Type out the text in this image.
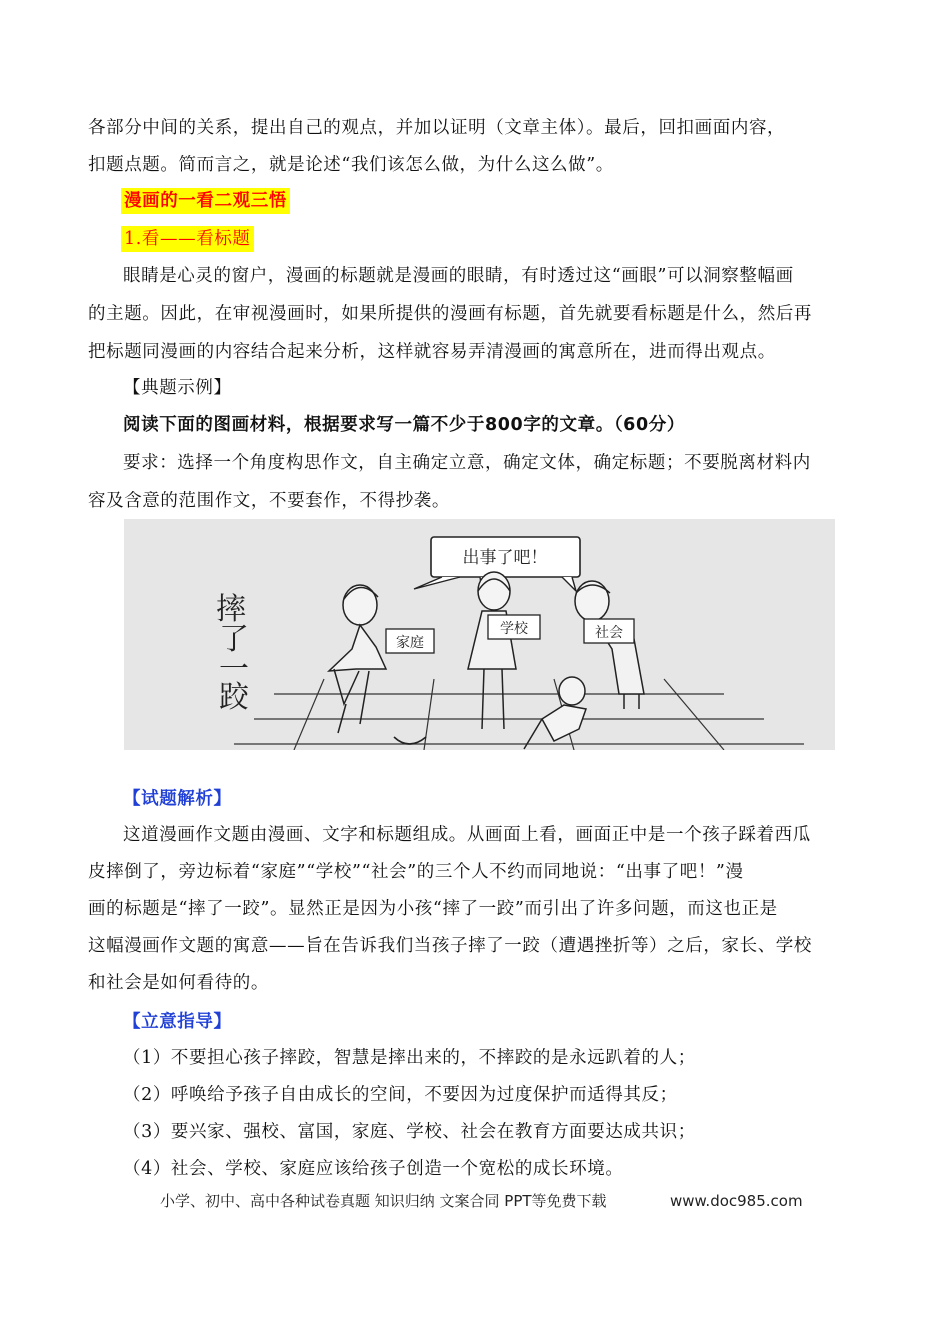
各部分中间的关系，提出自己的观点，并加以证明（文章主体）。最后，回扣画面内容，
扣题点题。简而言之，就是论述“我们该怎么做，为什么这么做”。
漫画的一看二观三悟
1.看——看标题
眼睛是心灵的窗户，漫画的标题就是漫画的眼睛，有时透过这“画眼”可以洞察整幅画
的主题。因此，在审视漫画时，如果所提供的漫画有标题，首先就要看标题是什么，然后再
把标题同漫画的内容结合起来分析，这样就容易弄清漫画的寓意所在，进而得出观点。
【典题示例】
阅读下面的图画材料，根据要求写一篇不少于800字的文章。（60分）
要求：选择一个角度构思作文，自主确定立意，确定文体，确定标题；不要脱离材料内
容及含意的范围作文，不要套作，不得抄袭。
摔
了
一
跤
出事了吧！
家庭
学校	社会
【试题解析】
这道漫画作文题由漫画、文字和标题组成。从画面上看，画面正中是一个孩子踩着西瓜
皮摔倒了，旁边标着“家庭”“学校”“社会”的三个人不约而同地说：“出事了吧！”漫
画的标题是“摔了一跤”。显然正是因为小孩“摔了一跤”而引出了许多问题，而这也正是
这幅漫画作文题的寓意——旨在告诉我们当孩子摔了一跤（遭遇挫折等）之后，家长、学校
和社会是如何看待的。
【立意指导】
（1）不要担心孩子摔跤，智慧是摔出来的，不摔跤的是永远趴着的人；
（2）呼唤给予孩子自由成长的空间，不要因为过度保护而适得其反；
（3）要兴家、强校、富国，家庭、学校、社会在教育方面要达成共识；
（4）社会、学校、家庭应该给孩子创造一个宽松的成长环境。
小学、初中、高中各种试卷真题 知识归纳 文案合同 PPT等免费下载	www.doc985.com
